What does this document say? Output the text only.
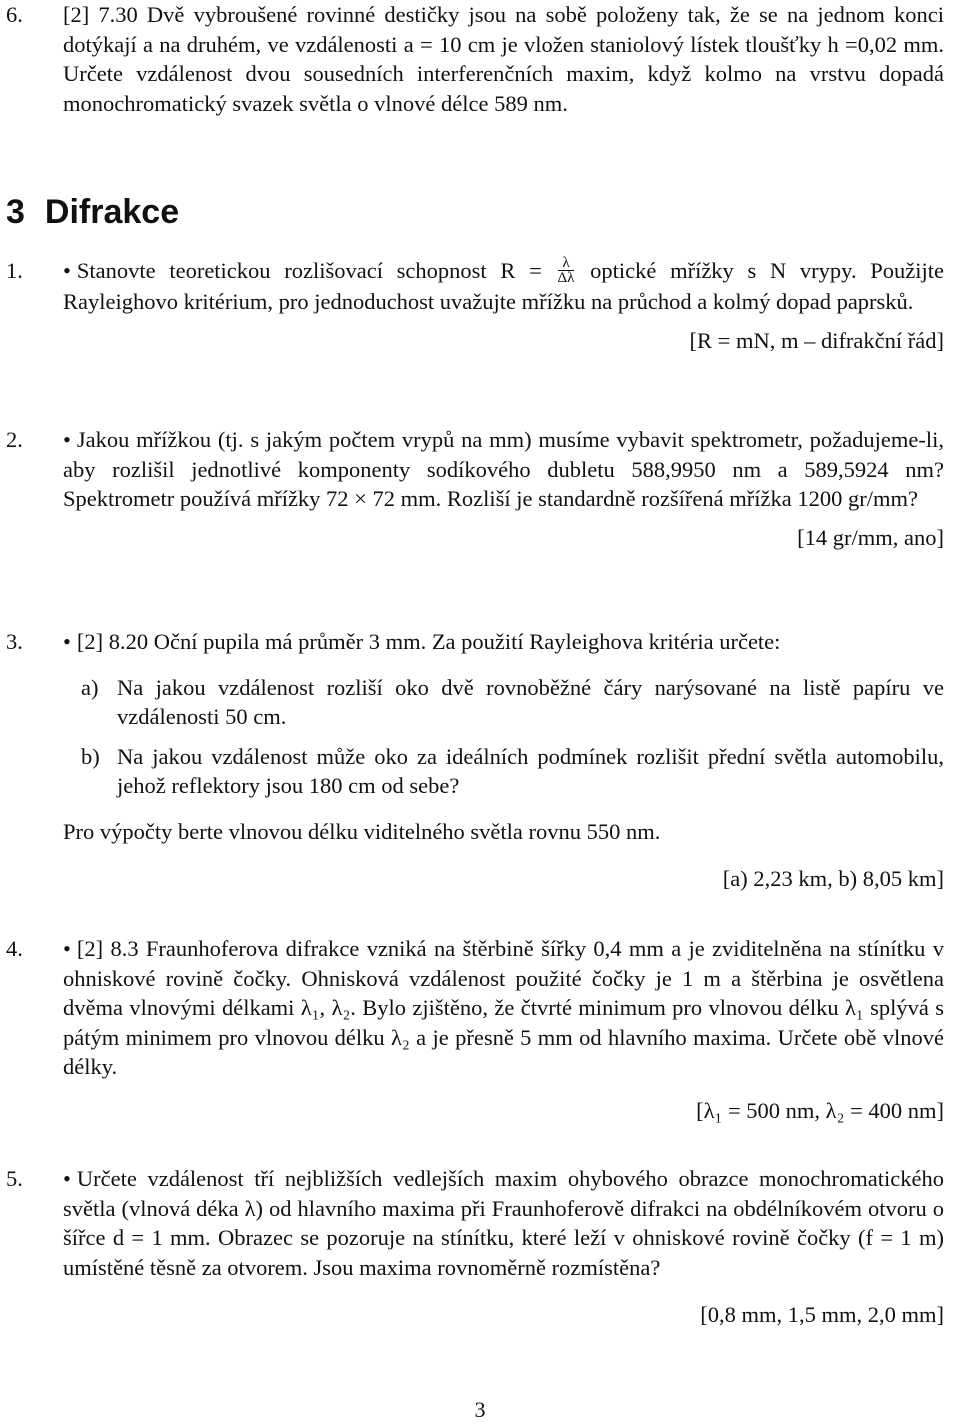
6.	[2] 7.30 Dvě vybroušené rovinné destičky jsou na sobě položeny tak, že se na jednom konci dotýkají a na druhém, ve vzdálenosti a = 10 cm je vložen staniolový lístek tloušťky h =0,02 mm. Určete vzdálenost dvou sousedních interferenčních maxim, když kolmo na vrstvu dopadá monochromatický svazek světla o vlnové délce 589 nm.
3 Difrakce
1.	• Stanovte teoretickou rozlišovací schopnost $R = \frac{\lambda}{\Delta\lambda}$ optické mřížky s N vrypy. Použijte Rayleighovo kritérium, pro jednoduchost uvažujte mřížku na průchod a kolmý dopad paprsků.
[R = mN, m – difrakční řád]
2.	• Jakou mřížkou (tj. s jakým počtem vrypů na mm) musíme vybavit spektrometr, požadujeme-li, aby rozlišil jednotlivé komponenty sodíkového dubletu 588,9950 nm a 589,5924 nm? Spektrometr používá mřížky 72 × 72 mm. Rozliší je standardně rozšířená mřížka 1200 gr/mm?
[14 gr/mm, ano]
3.	• [2] 8.20 Oční pupila má průměr 3 mm. Za použití Rayleighova kritéria určete:
a) Na jakou vzdálenost rozliší oko dvě rovnoběžné čáry narýsované na listě papíru ve vzdálenosti 50 cm.
b) Na jakou vzdálenost může oko za ideálních podmínek rozlišit přední světla automobilu, jehož reflektory jsou 180 cm od sebe?
Pro výpočty berte vlnovou délku viditelného světla rovnu 550 nm.
[a) 2,23 km, b) 8,05 km]
4.	• [2] 8.3 Fraunhoferova difrakce vzniká na štěrbině šířky 0,4 mm a je zviditelněna na stínítku v ohniskové rovině čočky. Ohnisková vzdálenost použité čočky je 1 m a štěrbina je osvětlena dvěma vlnovými délkami λ₁, λ₂. Bylo zjištěno, že čtvrté minimum pro vlnovou délku λ₁ splývá s pátým minimem pro vlnovou délku λ₂ a je přesně 5 mm od hlavního maxima. Určete obě vlnové délky.
[λ₁ = 500 nm, λ₂ = 400 nm]
5.	• Určete vzdálenost tří nejbližších vedlejších maxim ohybového obrazce monochromatického světla (vlnová déka λ) od hlavního maxima při Fraunhoferově difrakci na obdélníkovém otvoru o šířce d = 1 mm. Obrazec se pozoruje na stínítku, které leží v ohniskové rovině čočky (f = 1 m) umístěné těsně za otvorem. Jsou maxima rovnoměrně rozmístěna?
[0,8 mm, 1,5 mm, 2,0 mm]
3
